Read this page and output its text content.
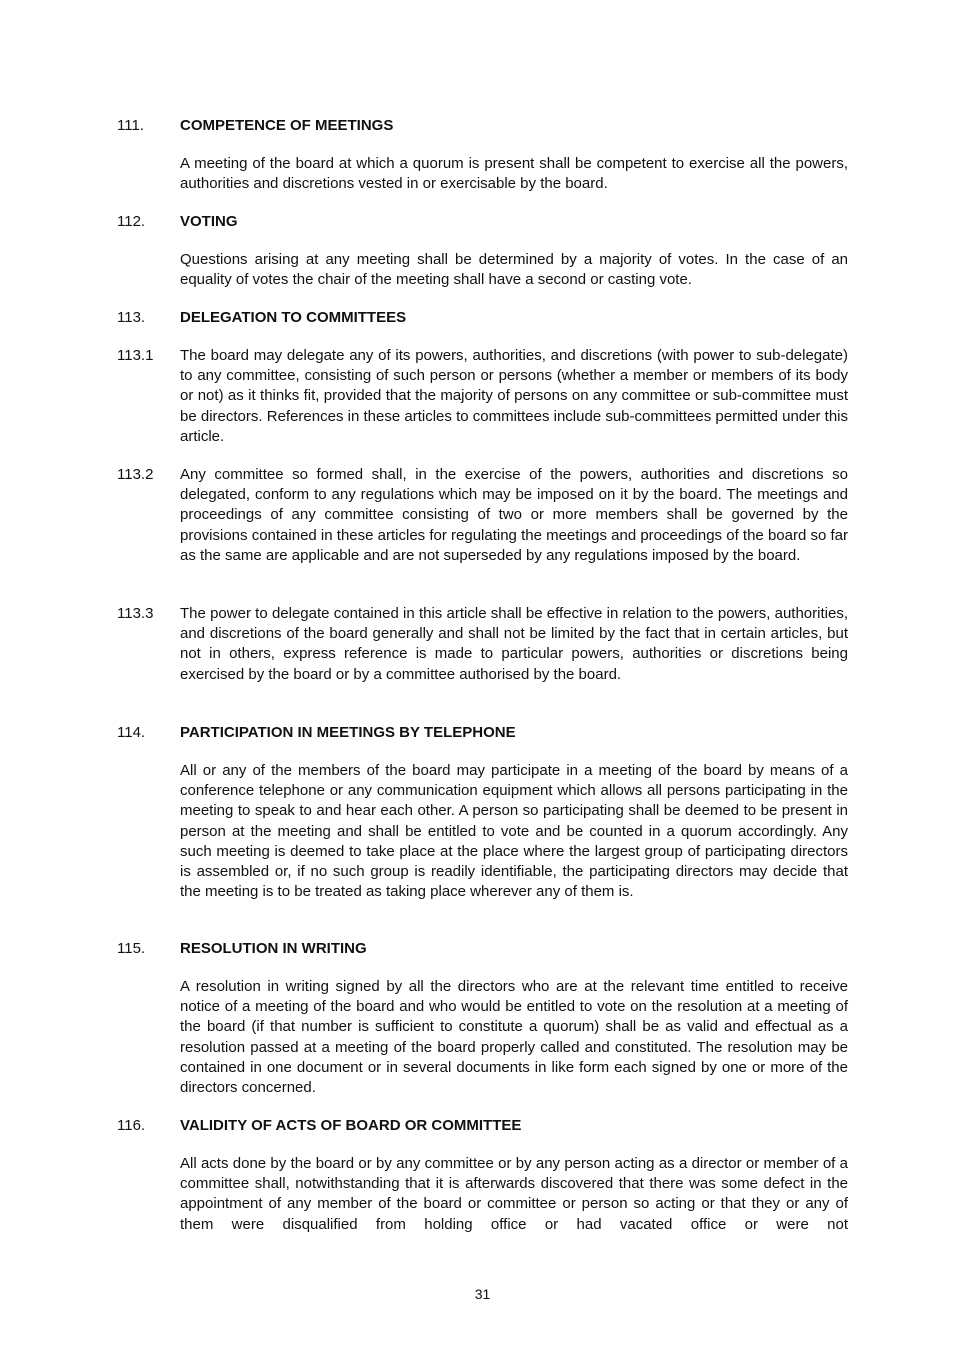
111. COMPETENCE OF MEETINGS

A meeting of the board at which a quorum is present shall be competent to exercise all the powers, authorities and discretions vested in or exercisable by the board.

112. VOTING

Questions arising at any meeting shall be determined by a majority of votes. In the case of an equality of votes the chair of the meeting shall have a second or casting vote.

113. DELEGATION TO COMMITTEES
113.1 The board may delegate any of its powers, authorities, and discretions (with power to sub-delegate) to any committee, consisting of such person or persons (whether a member or members of its body or not) as it thinks fit, provided that the majority of persons on any committee or sub-committee must be directors. References in these articles to committees include sub-committees permitted under this article.

113.2 Any committee so formed shall, in the exercise of the powers, authorities and discretions so delegated, conform to any regulations which may be imposed on it by the board. The meetings and proceedings of any committee consisting of two or more members shall be governed by the provisions contained in these articles for regulating the meetings and proceedings of the board so far as the same are applicable and are not superseded by any regulations imposed by the board.

113.3 The power to delegate contained in this article shall be effective in relation to the powers, authorities, and discretions of the board generally and shall not be limited by the fact that in certain articles, but not in others, express reference is made to particular powers, authorities or discretions being exercised by the board or by a committee authorised by the board.

114. PARTICIPATION IN MEETINGS BY TELEPHONE

All or any of the members of the board may participate in a meeting of the board by means of a conference telephone or any communication equipment which allows all persons participating in the meeting to speak to and hear each other. A person so participating shall be deemed to be present in person at the meeting and shall be entitled to vote and be counted in a quorum accordingly. Any such meeting is deemed to take place at the place where the largest group of participating directors is assembled or, if no such group is readily identifiable, the participating directors may decide that the meeting is to be treated as taking place wherever any of them is.

115. RESOLUTION IN WRITING

A resolution in writing signed by all the directors who are at the relevant time entitled to receive notice of a meeting of the board and who would be entitled to vote on the resolution at a meeting of the board (if that number is sufficient to constitute a quorum) shall be as valid and effectual as a resolution passed at a meeting of the board properly called and constituted. The resolution may be contained in one document or in several documents in like form each signed by one or more of the directors concerned.

116. VALIDITY OF ACTS OF BOARD OR COMMITTEE

All acts done by the board or by any committee or by any person acting as a director or member of a committee shall, notwithstanding that it is afterwards discovered that there was some defect in the appointment of any member of the board or committee or person so acting or that they or any of them were disqualified from holding office or had vacated office or were not

31
